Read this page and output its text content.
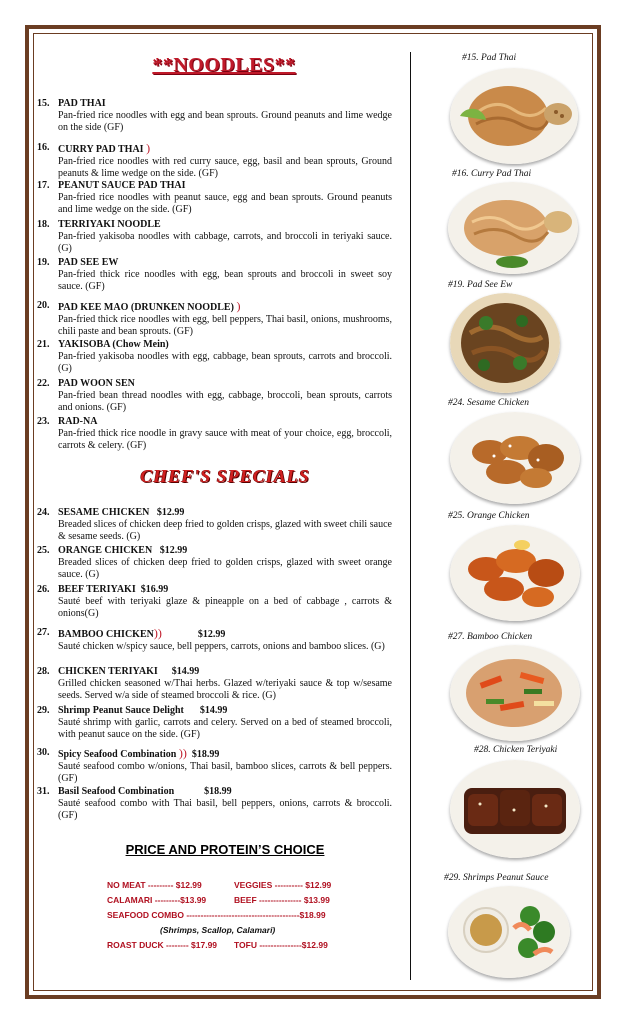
**NOODLES**
15. PAD THAI
Pan-fried rice noodles with egg and bean sprouts. Ground peanuts and lime wedge on the side (GF)
16. CURRY PAD THAI )
Pan-fried rice noodles with red curry sauce, egg, basil and bean sprouts, Ground peanuts & lime wedge on the side. (GF)
17. PEANUT SAUCE PAD THAI
Pan-fried rice noodles with peanut sauce, egg and bean sprouts. Ground peanuts and lime wedge on the side. (GF)
18. TERRIYAKI NOODLE
Pan-fried yakisoba noodles with cabbage, carrots, and broccoli in teriyaki sauce. (G)
19. PAD SEE EW
Pan-fried thick rice noodles with egg, bean sprouts and broccoli in sweet soy sauce. (GF)
20. PAD KEE MAO (DRUNKEN NOODLE) )
Pan-fried thick rice noodles with egg, bell peppers, Thai basil, onions, mushrooms, chili paste and bean sprouts. (GF)
21. YAKISOBA (Chow Mein)
Pan-fried yakisoba noodles with egg, cabbage, bean sprouts, carrots and broccoli. (G)
22. PAD WOON SEN
Pan-fried bean thread noodles with egg, cabbage, broccoli, bean sprouts, carrots and onions. (GF)
23. RAD-NA
Pan-fried thick rice noodle in gravy sauce with meat of your choice, egg, broccoli, carrots & celery. (GF)
CHEF'S SPECIALS
24. SESAME CHICKEN $12.99
Breaded slices of chicken deep fried to golden crisps, glazed with sweet chili sauce & sesame seeds. (G)
25. ORANGE CHICKEN $12.99
Breaded slices of chicken deep fried to golden crisps, glazed with sweet orange sauce. (G)
26. BEEF TERIYAKI $16.99
Sauté beef with teriyaki glaze & pineapple on a bed of cabbage , carrots & onions(G)
27. BAMBOO CHICKEN))	$12.99
Sauté chicken w/spicy sauce, bell peppers, carrots, onions and bamboo slices. (G)
28. CHICKEN TERIYAKI $14.99
Grilled chicken seasoned w/Thai herbs. Glazed w/teriyaki sauce & top w/sesame seeds. Served w/a side of steamed broccoli & rice. (G)
29. Shrimp Peanut Sauce Delight $14.99
Sauté shrimp with garlic, carrots and celery. Served on a bed of steamed broccoli, with peanut sauce on the side. (GF)
30. Spicy Seafood Combination )) $18.99
Sauté seafood combo w/onions, Thai basil, bamboo slices, carrots & bell peppers. (GF)
31. Basil Seafood Combination	$18.99
Sauté seafood combo with Thai basil, bell peppers, onions, carrots & broccoli. (GF)
PRICE AND PROTEIN’S CHOICE
NO MEAT --------- $12.99	VEGGIES ---------- $12.99
CALAMARI ---------$13.99	BEEF --------------- $13.99
SEAFOOD COMBO ----------------------------------------$18.99
(Shrimps, Scallop, Calamari)
ROAST DUCK -------- $17.99 TOFU ---------------$12.99
#15. Pad Thai
#16. Curry Pad Thai
#19. Pad See Ew
#24. Sesame Chicken
#25. Orange Chicken
#27. Bamboo Chicken
#28. Chicken Teriyaki
#29. Shrimps Peanut Sauce
